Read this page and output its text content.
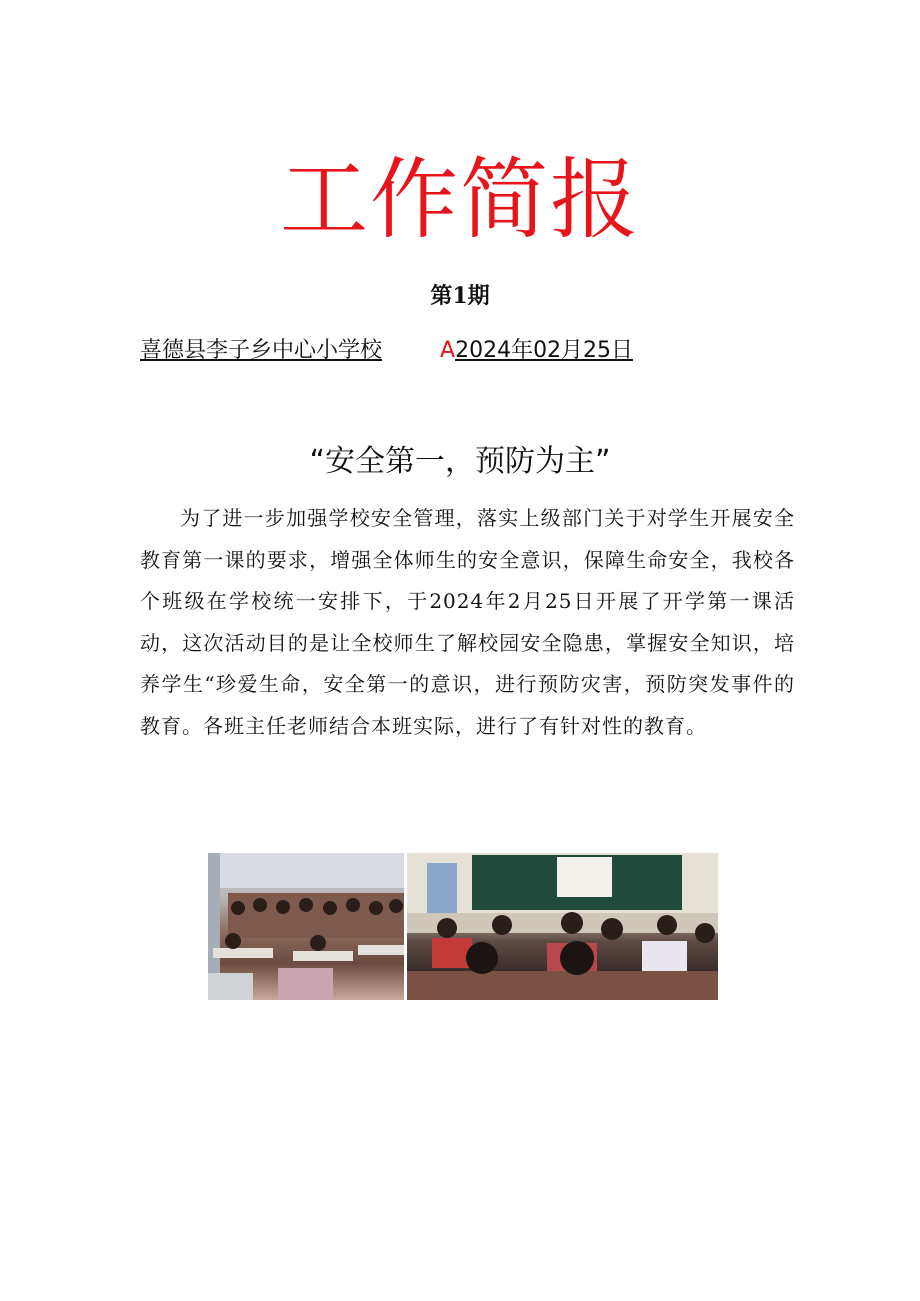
工作简报
第1期
喜德县李子乡中心小学校	A2024年02月25日
“安全第一，预防为主”
为了进一步加强学校安全管理，落实上级部门关于对学生开展安全教育第一课的要求，增强全体师生的安全意识，保障生命安全，我校各个班级在学校统一安排下，于2024年2月25日开展了开学第一课活动，这次活动目的是让全校师生了解校园安全隐患，掌握安全知识，培养学生“珍爱生命，安全第一的意识，进行预防灾害，预防突发事件的教育。各班主任老师结合本班实际，进行了有针对性的教育。
